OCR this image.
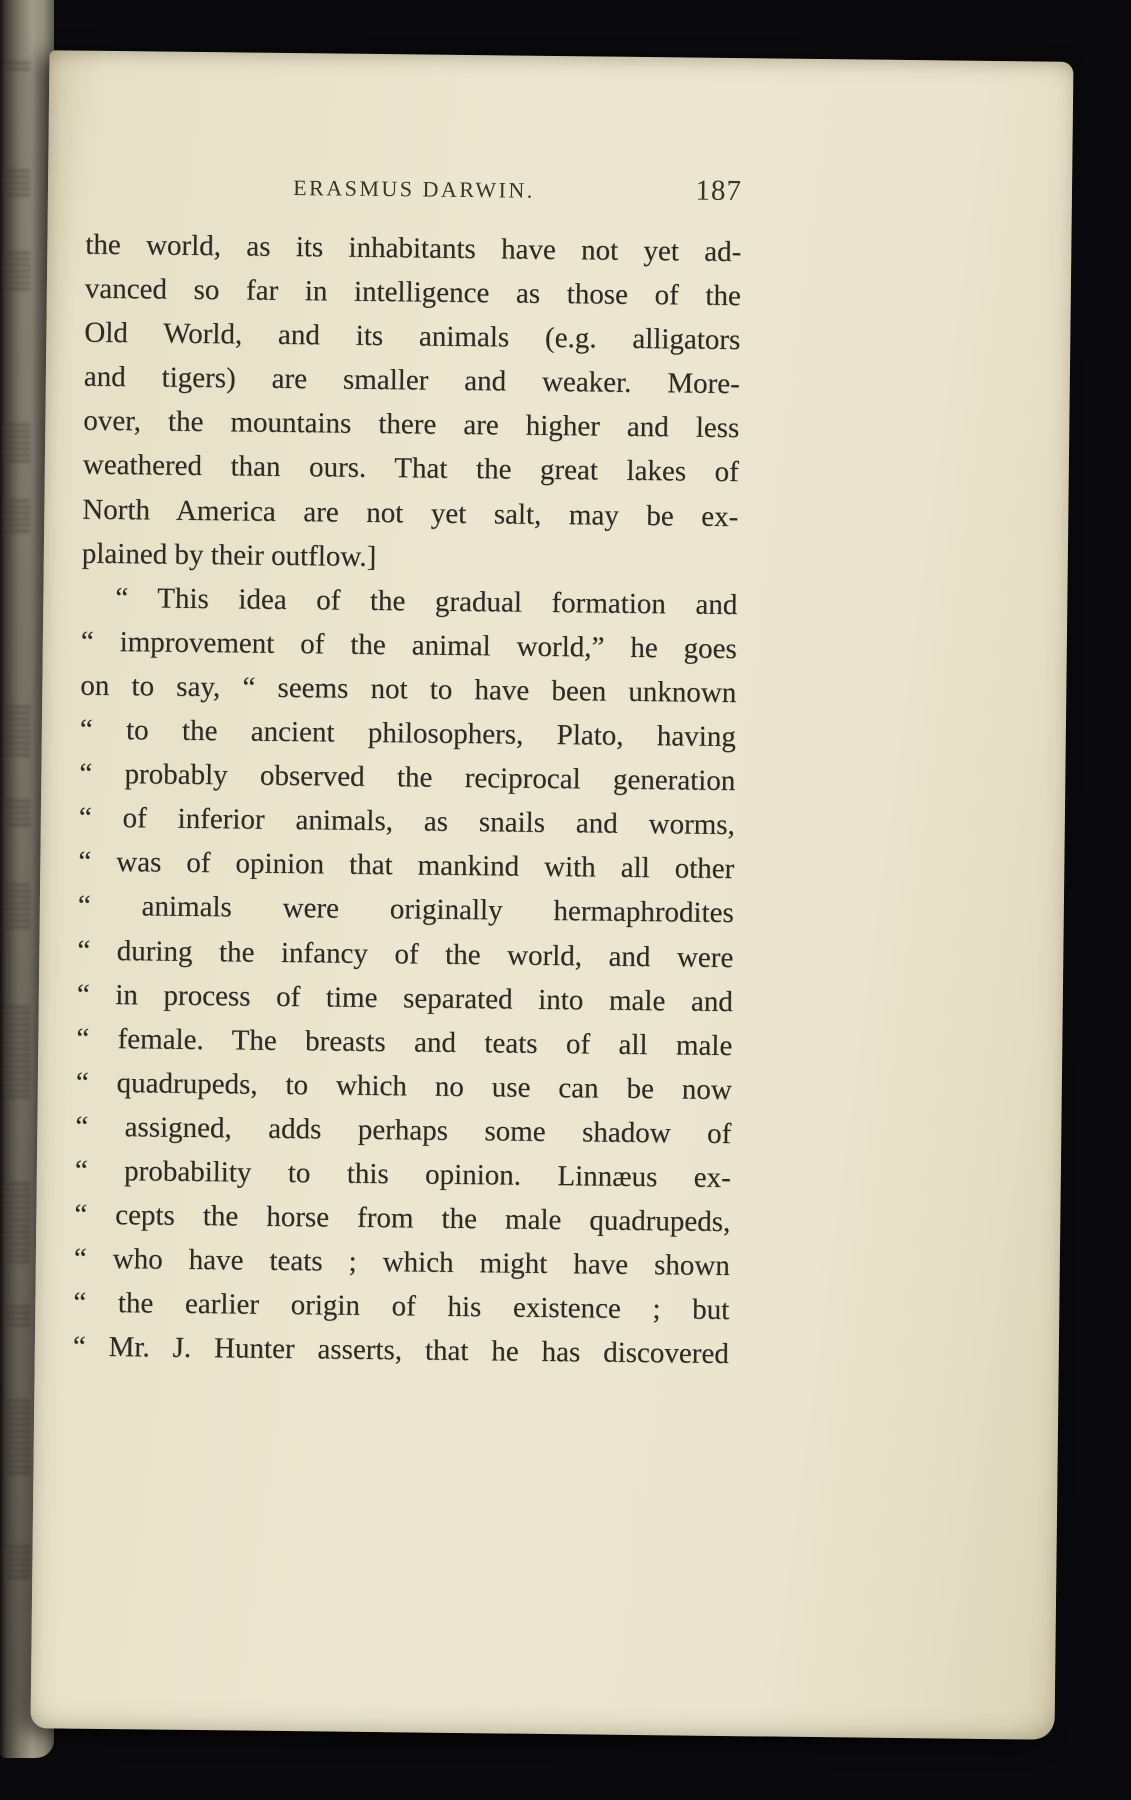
ERASMUS DARWIN.	187
the world, as its inhabitants have not yet ad-
vanced so far in intelligence as those of the
Old World, and its animals (e.g. alligators
and tigers) are smaller and weaker. More-
over, the mountains there are higher and less
weathered than ours. That the great lakes of
North America are not yet salt, may be ex-
plained by their outflow.]
“ This idea of the gradual formation and
“ improvement of the animal world,” he goes
on to say, “ seems not to have been unknown
“ to the ancient philosophers, Plato, having
“ probably observed the reciprocal generation
“ of inferior animals, as snails and worms,
“ was of opinion that mankind with all other
“ animals were originally hermaphrodites
“ during the infancy of the world, and were
“ in process of time separated into male and
“ female. The breasts and teats of all male
“ quadrupeds, to which no use can be now
“ assigned, adds perhaps some shadow of
“ probability to this opinion. Linnæus ex-
“ cepts the horse from the male quadrupeds,
“ who have teats ; which might have shown
“ the earlier origin of his existence ; but
“ Mr. J. Hunter asserts, that he has discovered
